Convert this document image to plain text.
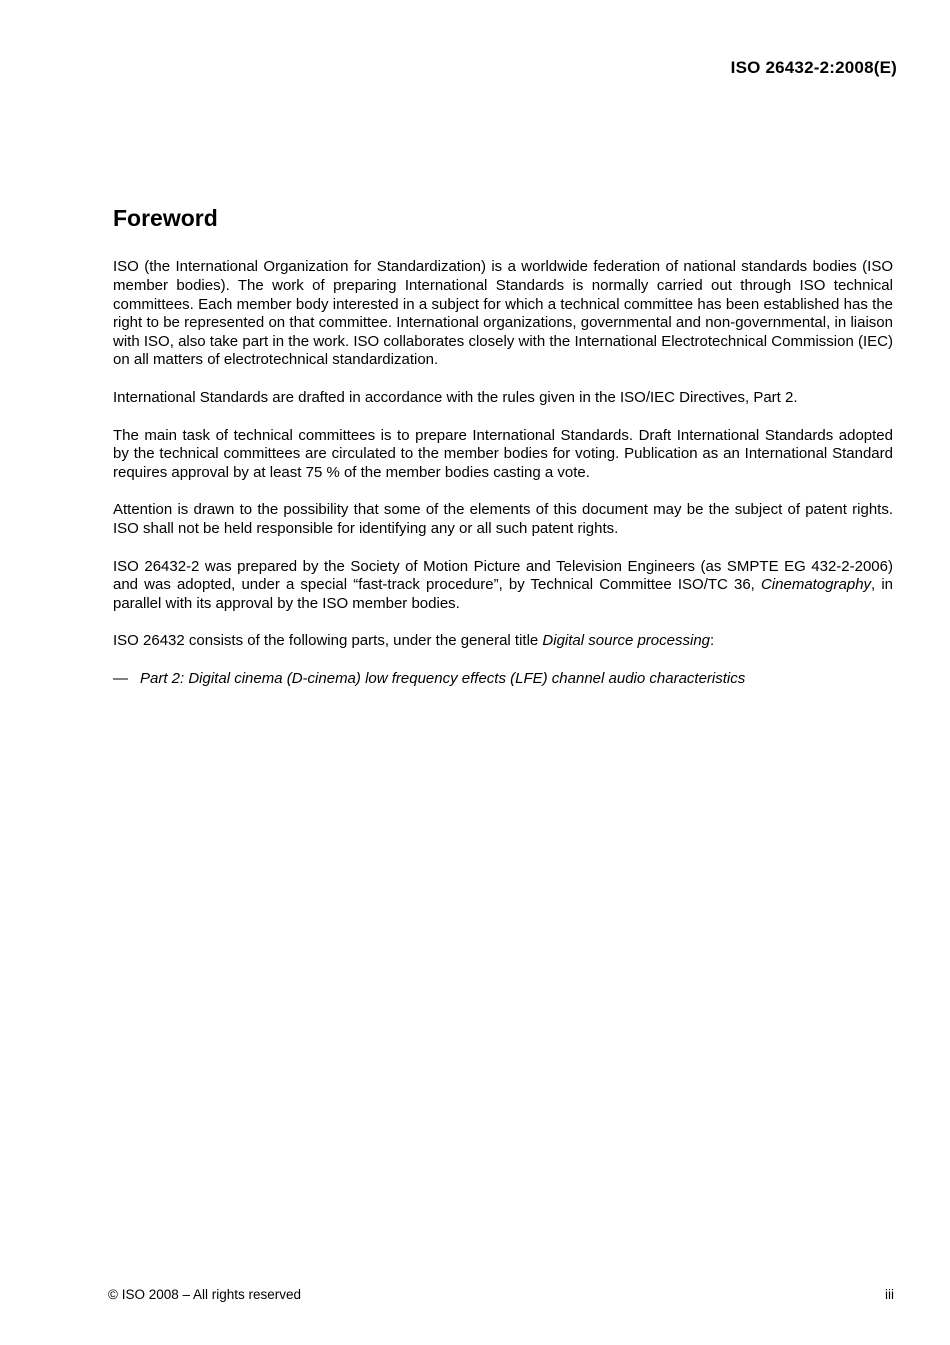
ISO 26432-2:2008(E)
Foreword

ISO (the International Organization for Standardization) is a worldwide federation of national standards bodies (ISO member bodies). The work of preparing International Standards is normally carried out through ISO technical committees. Each member body interested in a subject for which a technical committee has been established has the right to be represented on that committee. International organizations, governmental and non-governmental, in liaison with ISO, also take part in the work. ISO collaborates closely with the International Electrotechnical Commission (IEC) on all matters of electrotechnical standardization.

International Standards are drafted in accordance with the rules given in the ISO/IEC Directives, Part 2.

The main task of technical committees is to prepare International Standards. Draft International Standards adopted by the technical committees are circulated to the member bodies for voting. Publication as an International Standard requires approval by at least 75 % of the member bodies casting a vote.

Attention is drawn to the possibility that some of the elements of this document may be the subject of patent rights. ISO shall not be held responsible for identifying any or all such patent rights.

ISO 26432-2 was prepared by the Society of Motion Picture and Television Engineers (as SMPTE EG 432-2-2006) and was adopted, under a special “fast-track procedure”, by Technical Committee ISO/TC 36, Cinematography, in parallel with its approval by the ISO member bodies.

ISO 26432 consists of the following parts, under the general title Digital source processing:

— Part 2: Digital cinema (D-cinema) low frequency effects (LFE) channel audio characteristics
© ISO 2008 – All rights reserved	iii
